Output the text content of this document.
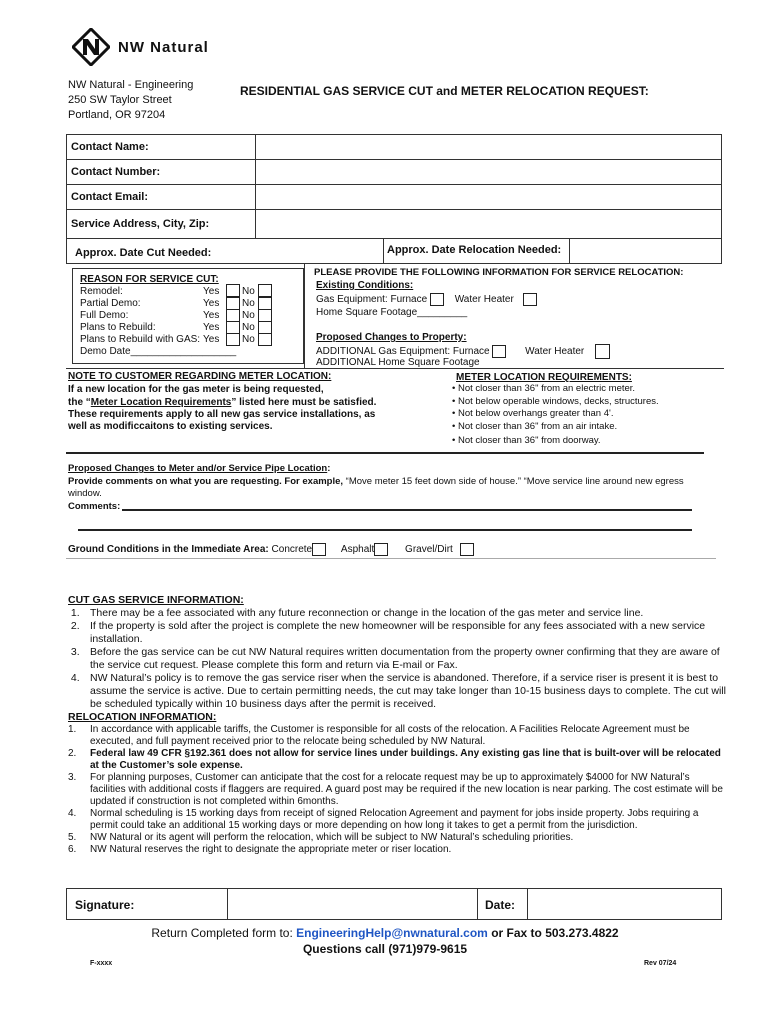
NW Natural
NW Natural - Engineering
250 SW Taylor Street
Portland, OR 97204
RESIDENTIAL GAS SERVICE CUT and METER RELOCATION REQUEST:
Contact Name:	
Contact Number:	
Contact Email:	
Service Address, City, Zip:	
Approx. Date Cut Needed:	Approx. Date Relocation Needed:
REASON FOR SERVICE CUT:
Remodel:	Yes No
Partial Demo:	Yes No
Full Demo:	Yes No
Plans to Rebuild:	Yes No
Plans to Rebuild with GAS: Yes No
Demo Date___________________
PLEASE PROVIDE THE FOLLOWING INFORMATION FOR SERVICE RELOCATION:
Existing Conditions:
Gas Equipment: Furnace	Water Heater
Home Square Footage_________
Proposed Changes to Property:
ADDITIONAL Gas Equipment: Furnace	Water Heater
ADDITIONAL Home Square Footage
NOTE TO CUSTOMER REGARDING METER LOCATION:
If a new location for the gas meter is being requested,
the “Meter Location Requirements” listed here must be satisfied.
These requirements apply to all new gas service installations, as
well as modificcaitons to existing services.
METER LOCATION REQUIREMENTS:
• Not closer than 36" from an electric meter.
• Not below operable windows, decks, structures.
• Not below overhangs greater than 4'.
• Not closer than 36" from an air intake.
• Not closer than 36" from doorway.
Proposed Changes to Meter and/or Service Pipe Location:
Provide comments on what you are requesting. For example, “Move meter 15 feet down side of house.” “Move service line around new egress window.
Comments:
Ground Conditions in the Immediate Area: Concrete	Asphalt	Gravel/Dirt
CUT GAS SERVICE INFORMATION:
1. There may be a fee associated with any future reconnection or change in the location of the gas meter and service line.
2. If the property is sold after the project is complete the new homeowner will be responsible for any fees associated with a new service installation.
3. Before the gas service can be cut NW Natural requires written documentation from the property owner confirming that they are aware of the service cut request. Please complete this form and return via E-mail or Fax.
4. NW Natural’s policy is to remove the gas service riser when the service is abandoned. Therefore, if a service riser is present it is best to assume the service is active. Due to certain permitting needs, the cut may take longer than 10-15 business days to complete. The cut will be scheduled typically within 10 business days after the permit is received.
RELOCATION INFORMATION:
1. In accordance with applicable tariffs, the Customer is responsible for all costs of the relocation. A Facilities Relocate Agreement must be executed, and full payment received prior to the relocate being scheduled by NW Natural.
2. Federal law 49 CFR §192.361 does not allow for service lines under buildings. Any existing gas line that is built-over will be relocated at the Customer’s sole expense.
3. For planning purposes, Customer can anticipate that the cost for a relocate request may be up to approximately $4000 for NW Natural’s facilities with additional costs if flaggers are required. A guard post may be required if the new location is near parking. The cost estimate will be updated if construction is not completed within 6months.
4. Normal scheduling is 15 working days from receipt of signed Relocation Agreement and payment for jobs inside property. Jobs requiring a permit could take an additional 15 working days or more depending on how long it takes to get a permit from the jurisdiction.
5. NW Natural or its agent will perform the relocation, which will be subject to NW Natural’s scheduling priorities.
6. NW Natural reserves the right to designate the appropriate meter or riser location.
Signature:	Date:
Return Completed form to: EngineeringHelp@nwnatural.com or Fax to 503.273.4822
Questions call (971)979-9615
F-xxxx	Rev 07/24
